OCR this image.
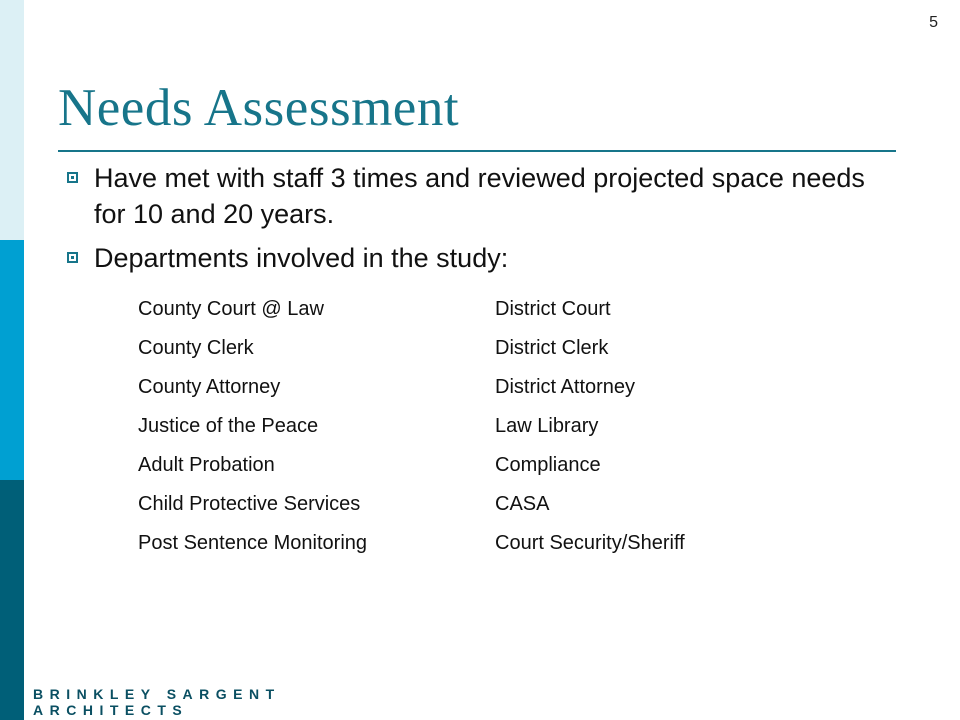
5
Needs Assessment
Have met with staff 3 times and reviewed projected space needs for 10 and 20 years.
Departments involved in the study:
County Court @ Law	District Court
County Clerk	District Clerk
County Attorney	District Attorney
Justice of the Peace	Law Library
Adult Probation	Compliance
Child Protective Services	CASA
Post Sentence Monitoring	Court Security/Sheriff
BRINKLEY SARGENT
ARCHITECTS
